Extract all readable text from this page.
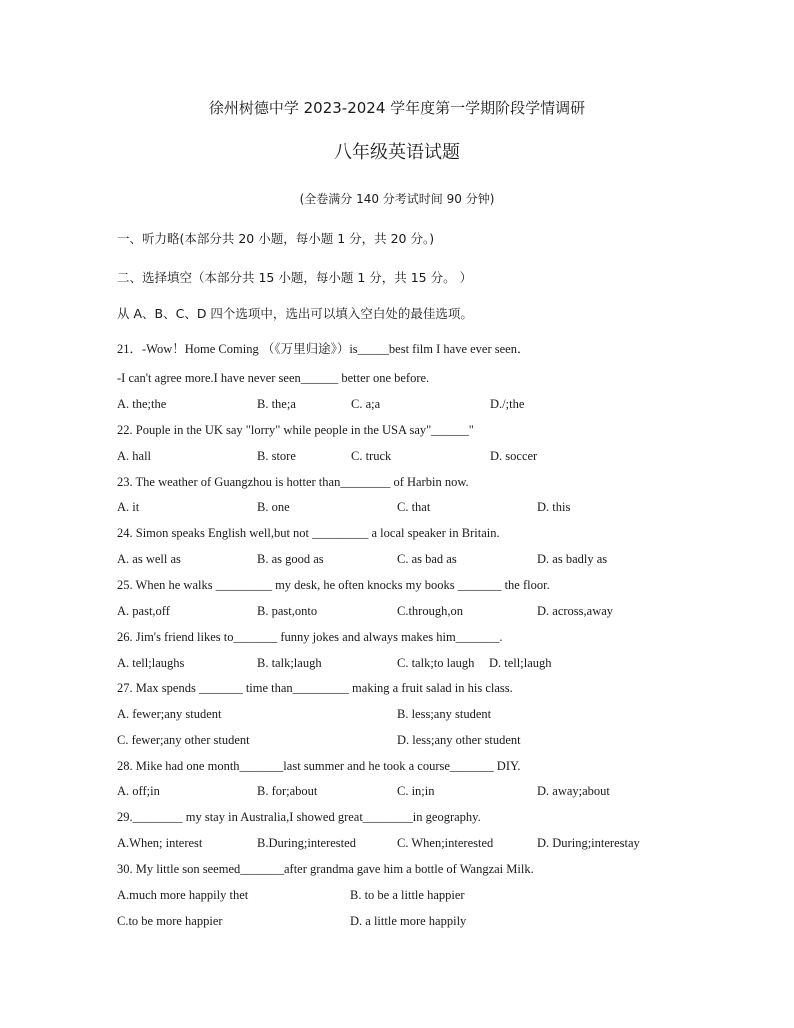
徐州树德中学 2023-2024 学年度第一学期阶段学情调研
八年级英语试题
(全卷满分 140 分考试时间 90 分钟)
一、听力略(本部分共 20 小题，每小题 1 分，共 20 分。)
二、选择填空（本部分共 15 小题，每小题 1 分，共 15 分。 ）
从 A、B、C、D 四个选项中，选出可以填入空白处的最佳选项。
21．-Wow！Home Coming （《万里归途》）is_____best film I have ever seen．
-I can't agree more.I have never seen______ better one before.
A. the;the	B. the;a	C. a;a	D./;the
22. Pouple in the UK say "lorry" while people in the USA say"______"
A. hall	B. store	C. truck	D. soccer
23. The weather of Guangzhou is hotter than________ of Harbin now.
A. it	B. one	C. that	D. this
24. Simon speaks English well,but not _________ a local speaker in Britain.
A. as well as	B. as good as	C. as bad as	D. as badly as
25. When he walks _________ my desk, he often knocks my books _______ the floor.
A. past,off	B. past,onto	C.through,on	D. across,away
26. Jim's friend likes to_______ funny jokes and always makes him_______.
A. tell;laughs	B. talk;laugh	C. talk;to laugh D. tell;laugh
27. Max spends _______ time than_________ making a fruit salad in his class.
A. fewer;any student	B. less;any student
C. fewer;any other student	D. less;any other student
28. Mike had one month_______last summer and he took a course_______ DIY.
A. off;in	B. for;about	C. in;in	D. away;about
29.________ my stay in Australia,I showed great________in geography.
A.When; interest	B.During;interested	C. When;interested	D. During;interestay
30. My little son seemed_______after grandma gave him a bottle of Wangzai Milk.
A.much more happily thet	B. to be a little happier
C.to be more happier	D. a little more happily
